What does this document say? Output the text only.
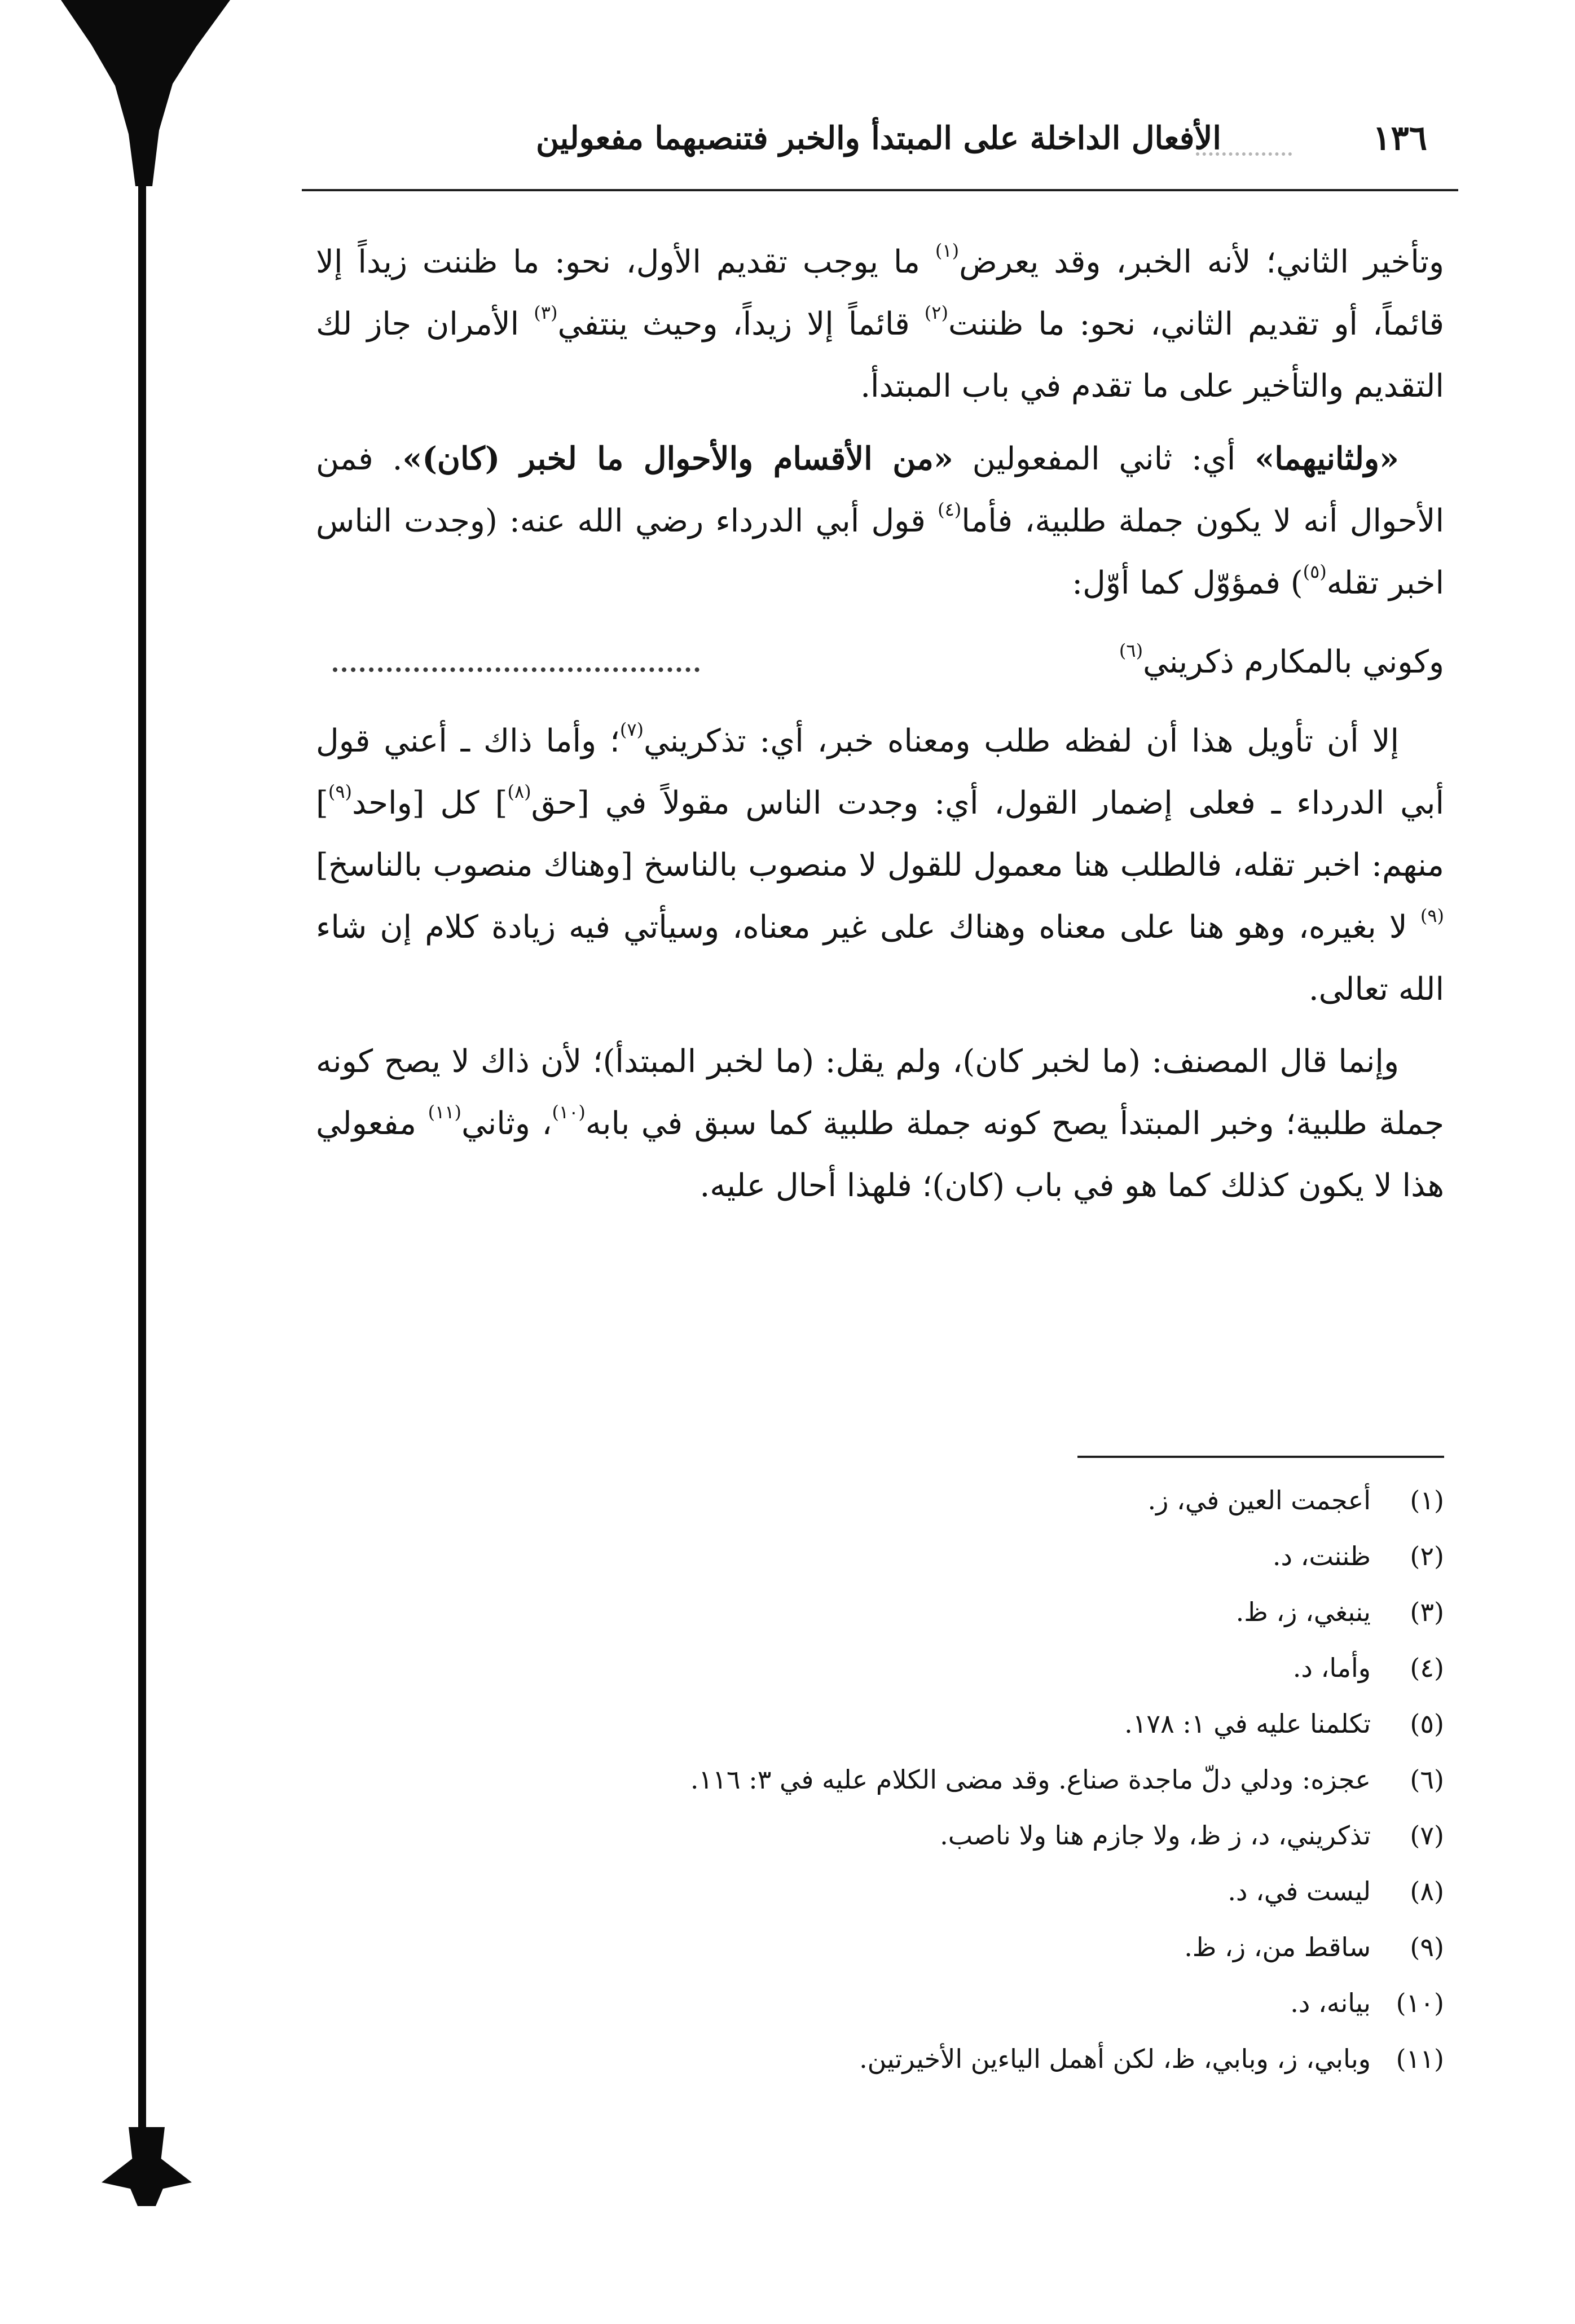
١٣٦
الأفعال الداخلة على المبتدأ والخبر فتنصبهما مفعولين

وتأخير الثاني؛ لأنه الخبر، وقد يعرض$^{(١)}$ ما يوجب تقديم الأول، نحو: ما ظننت زيداً إلا قائماً، أو تقديم الثاني، نحو: ما ظننت$^{(٢)}$ قائماً إلا زيداً، وحيث ينتفي$^{(٣)}$ الأمران جاز لك التقديم والتأخير على ما تقدم في باب المبتدأ.

«ولثانيهما» أي: ثاني المفعولين «من الأقسام والأحوال ما لخبر (كان)». فمن الأحوال أنه لا يكون جملة طلبية، فأما$^{(٤)}$ قول أبي الدرداء رضي الله عنه: (وجدت الناس اخبر تقله$^{(٥)}$) فمؤوّل كما أوّل:

وكوني بالمكارم ذكريني$^{(٦)}$

إلا أن تأويل هذا أن لفظه طلب ومعناه خبر، أي: تذكريني$^{(٧)}$؛ وأما ذاك ـ أعني قول أبي الدرداء ـ فعلى إضمار القول، أي: وجدت الناس مقولاً في [حق$^{(٨)}$] كل [واحد$^{(٩)}$] منهم: اخبر تقله، فالطلب هنا معمول للقول لا منصوب بالناسخ [وهناك منصوب بالناسخ]$^{(٩)}$ لا بغيره، وهو هنا على معناه وهناك على غير معناه، وسيأتي فيه زيادة كلام إن شاء الله تعالى.

وإنما قال المصنف: (ما لخبر كان)، ولم يقل: (ما لخبر المبتدأ)؛ لأن ذاك لا يصح كونه جملة طلبية؛ وخبر المبتدأ يصح كونه جملة طلبية كما سبق في بابه$^{(١٠)}$، وثاني$^{(١١)}$ مفعولي هذا لا يكون كذلك كما هو في باب (كان)؛ فلهذا أحال عليه.

(١)أعجمت العين في، ز.
(٢)ظننت، د.
(٣)ينبغي، ز، ظ.
(٤)وأما، د.
(٥)تكلمنا عليه في ١: ١٧٨.
(٦)عجزه: ودلي دلّ ماجدة صناع. وقد مضى الكلام عليه في ٣: ١١٦.
(٧)تذكريني، د، ز ظ، ولا جازم هنا ولا ناصب.
(٨)ليست في، د.
(٩)ساقط من، ز، ظ.
(١٠)بيانه، د.
(١١)وبابي، ز، وبابي، ظ، لكن أهمل الياءين الأخيرتين.
